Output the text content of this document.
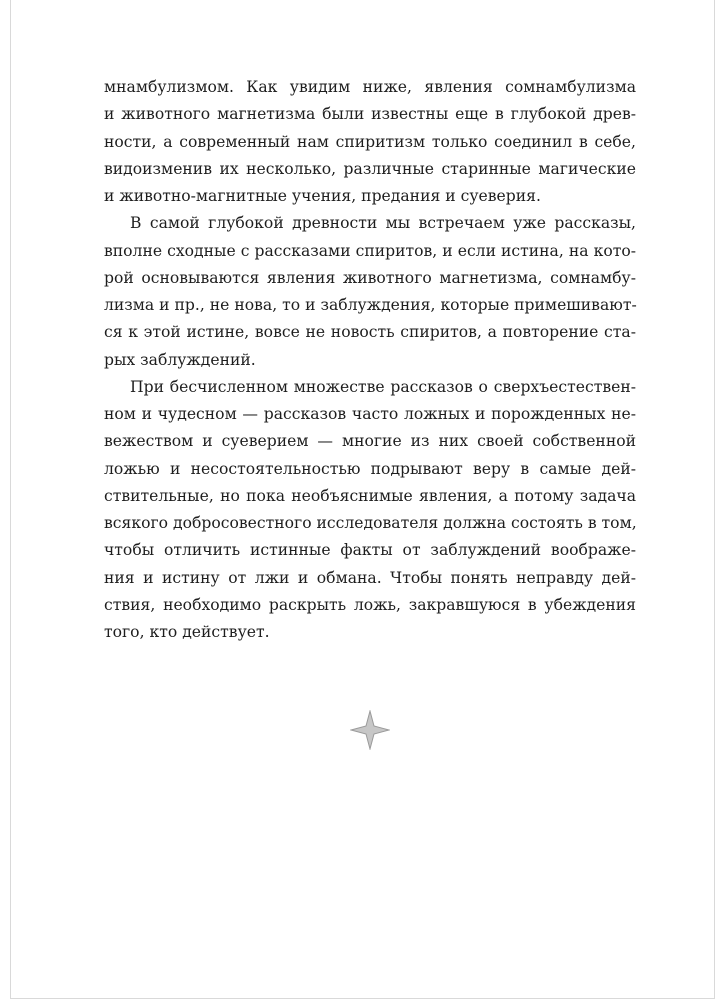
мнамбулизмом. Как увидим ниже, явления сомнамбулизма
и животного магнетизма были известны еще в глубокой древ-
ности, а современный нам спиритизм только соединил в себе,
видоизменив их несколько, различные старинные магические
и животно-магнитные учения, предания и суеверия.
В самой глубокой древности мы встречаем уже рассказы,
вполне сходные с рассказами спиритов, и если истина, на кото-
рой основываются явления животного магнетизма, сомнамбу-
лизма и пр., не нова, то и заблуждения, которые примешивают-
ся к этой истине, вовсе не новость спиритов, а повторение ста-
рых заблуждений.
При бесчисленном множестве рассказов о сверхъестествен-
ном и чудесном — рассказов часто ложных и порожденных не-
вежеством и суеверием — многие из них своей собственной
ложью и несостоятельностью подрывают веру в самые дей-
ствительные, но пока необъяснимые явления, а потому задача
всякого добросовестного исследователя должна состоять в том,
чтобы отличить истинные факты от заблуждений воображе-
ния и истину от лжи и обмана. Чтобы понять неправду дей-
ствия, необходимо раскрыть ложь, закравшуюся в убеждения
того, кто действует.
